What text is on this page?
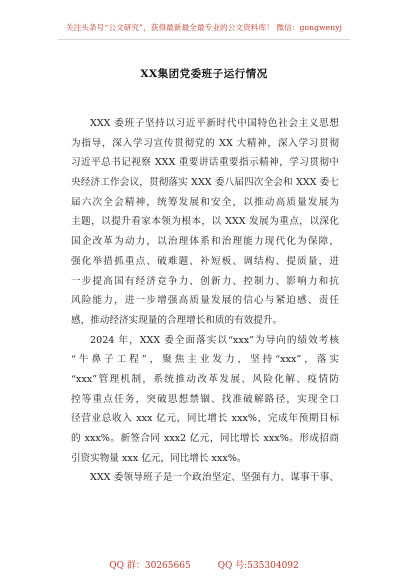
关注头条号“公文研究”，获得最新最全最专业的公文资料库！ 微信：gongwenyj
XX集团党委班子运行情况
XXX 委班子坚持以习近平新时代中国特色社会主义思想
为指导，深入学习宣传贯彻党的 XX 大精神，深入学习贯彻
习近平总书记视察 XXX 重要讲话重要指示精神，学习贯彻中
央经济工作会议，贯彻落实 XXX 委八届四次全会和 XXX 委七
届六次全会精神，统筹发展和安全，以推动高质量发展为
主题，以提升看家本领为根本，以 XXX 发展为重点，以深化
国企改革为动力，以治理体系和治理能力现代化为保障，
强化举措抓重点、破难题、补短板、调结构、提质量，进
一步提高国有经济竞争力、创新力、控制力、影响力和抗
风险能力，进一步增强高质量发展的信心与紧迫感、责任
感，推动经济实现量的合理增长和质的有效提升。
2024 年，XXX 委全面落实以“xxx”为导向的绩效考核
“牛鼻子工程”，聚焦主业发力，坚持“xxx”，落实
“xxx”管理机制，系统推动改革发展、风险化解、疫情防
控等重点任务，突破思想禁锢、找准破解路径，实现全口
径营业总收入 xxx 亿元，同比增长 xxx%，完成年预期目标
的 xxx%。新签合同 xxx2 亿元，同比增长 xxx%。形成招商
引资实物量 xxx 亿元，同比增长 xxx%。
XXX 委领导班子是一个政治坚定、坚强有力、谋事干事、
QQ 群：30265665	QQ 号:535304092
